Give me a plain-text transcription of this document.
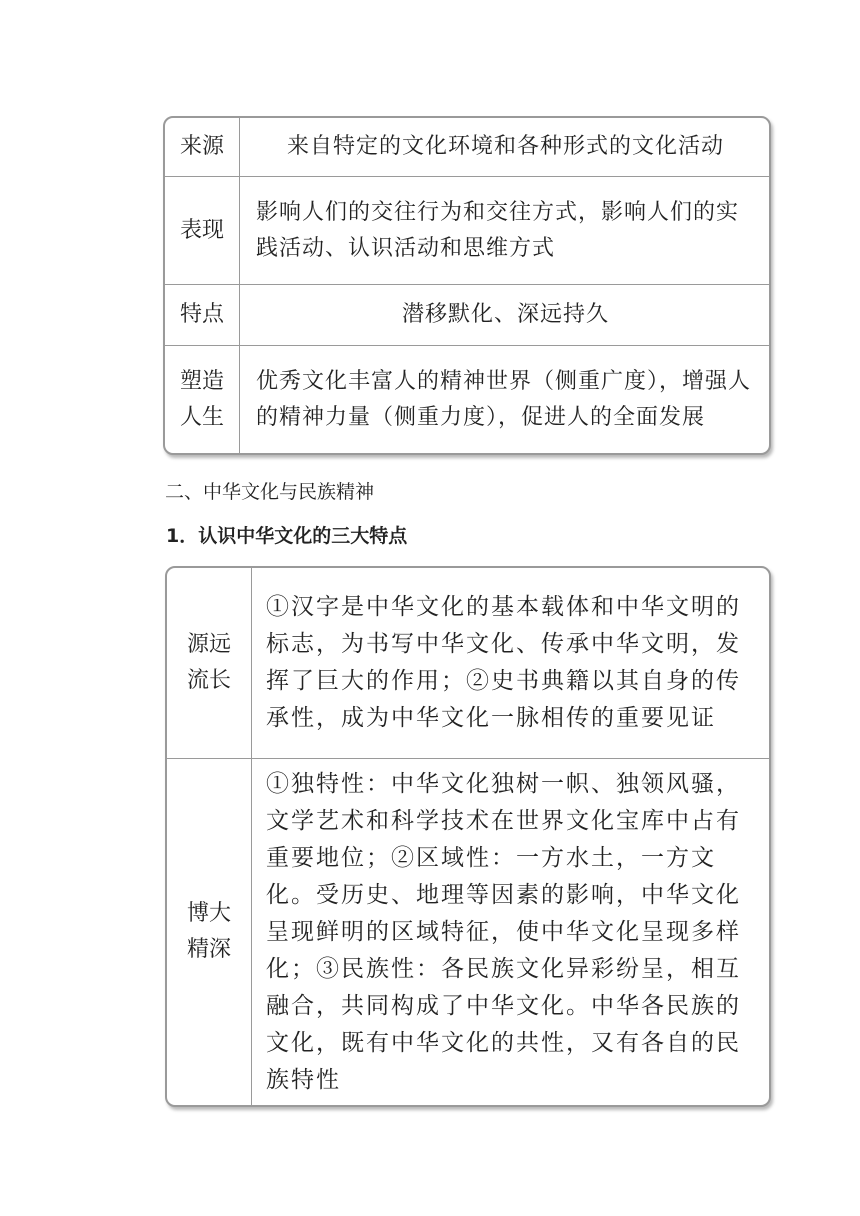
来源	来自特定的文化环境和各种形式的文化活动
表现
影响人们的交往行为和交往方式，影响人们的实践活动、认识活动和思维方式
特点	潜移默化、深远持久
塑造人生
优秀文化丰富人的精神世界（侧重广度），增强人的精神力量（侧重力度），促进人的全面发展
二、中华文化与民族精神
1．认识中华文化的三大特点
源远流长
①汉字是中华文化的基本载体和中华文明的标志，为书写中华文化、传承中华文明，发挥了巨大的作用；②史书典籍以其自身的传承性，成为中华文化一脉相传的重要见证
博大精深
①独特性：中华文化独树一帜、独领风骚，文学艺术和科学技术在世界文化宝库中占有重要地位；②区域性：一方水土，一方文化。受历史、地理等因素的影响，中华文化呈现鲜明的区域特征，使中华文化呈现多样化；③民族性：各民族文化异彩纷呈，相互融合，共同构成了中华文化。中华各民族的文化，既有中华文化的共性，又有各自的民族特性
